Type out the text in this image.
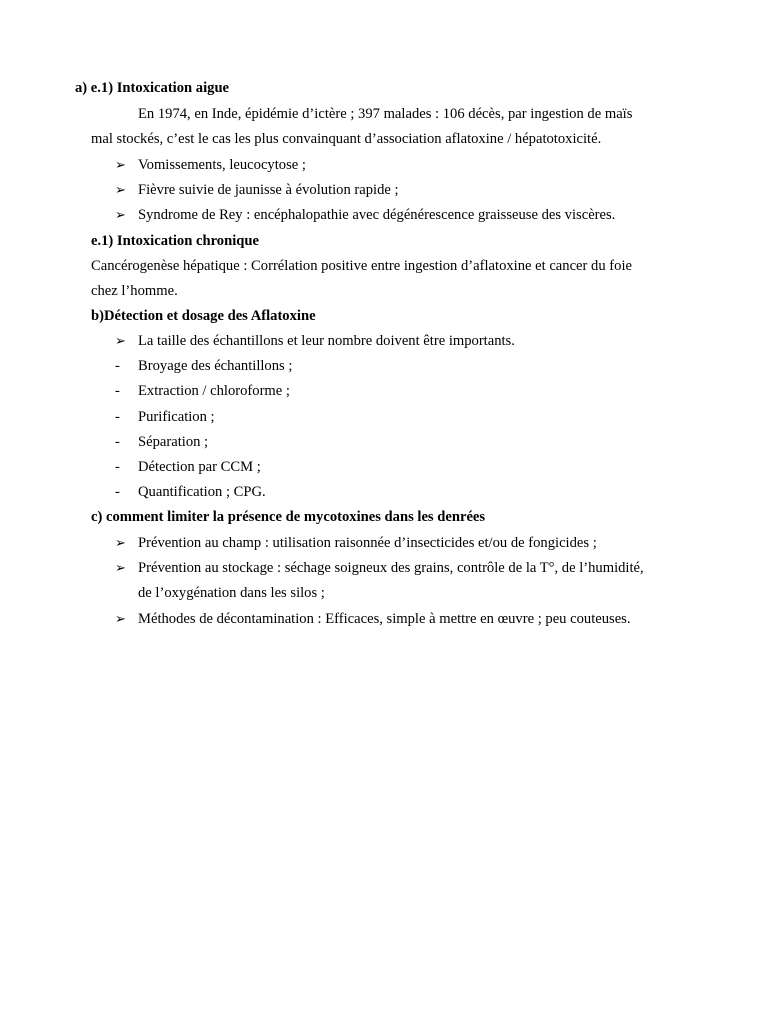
a) e.1) Intoxication aigue
En 1974, en Inde, épidémie d’ictère ; 397 malades : 106 décès, par ingestion de maïs
mal stockés, c’est le cas les plus convainquant d’association aflatoxine / hépatotoxicité.
➢ Vomissements, leucocytose ;
➢ Fièvre suivie de jaunisse à évolution rapide ;
➢ Syndrome de Rey : encéphalopathie avec dégénérescence graisseuse des viscères.
e.1) Intoxication chronique
Cancérogenèse hépatique : Corrélation positive entre ingestion d’aflatoxine et cancer du foie
chez l’homme.
b)Détection et dosage des Aflatoxine
➢ La taille des échantillons et leur nombre doivent être importants.
- Broyage des échantillons ;
- Extraction / chloroforme ;
- Purification ;
- Séparation ;
- Détection par CCM ;
- Quantification ; CPG.
c) comment limiter la présence de mycotoxines dans les denrées
➢ Prévention au champ : utilisation raisonnée d’insecticides et/ou de fongicides ;
➢ Prévention au stockage : séchage soigneux des grains, contrôle de la T°, de l’humidité,
de l’oxygénation dans les silos ;
➢ Méthodes de décontamination : Efficaces, simple à mettre en œuvre ; peu couteuses.
